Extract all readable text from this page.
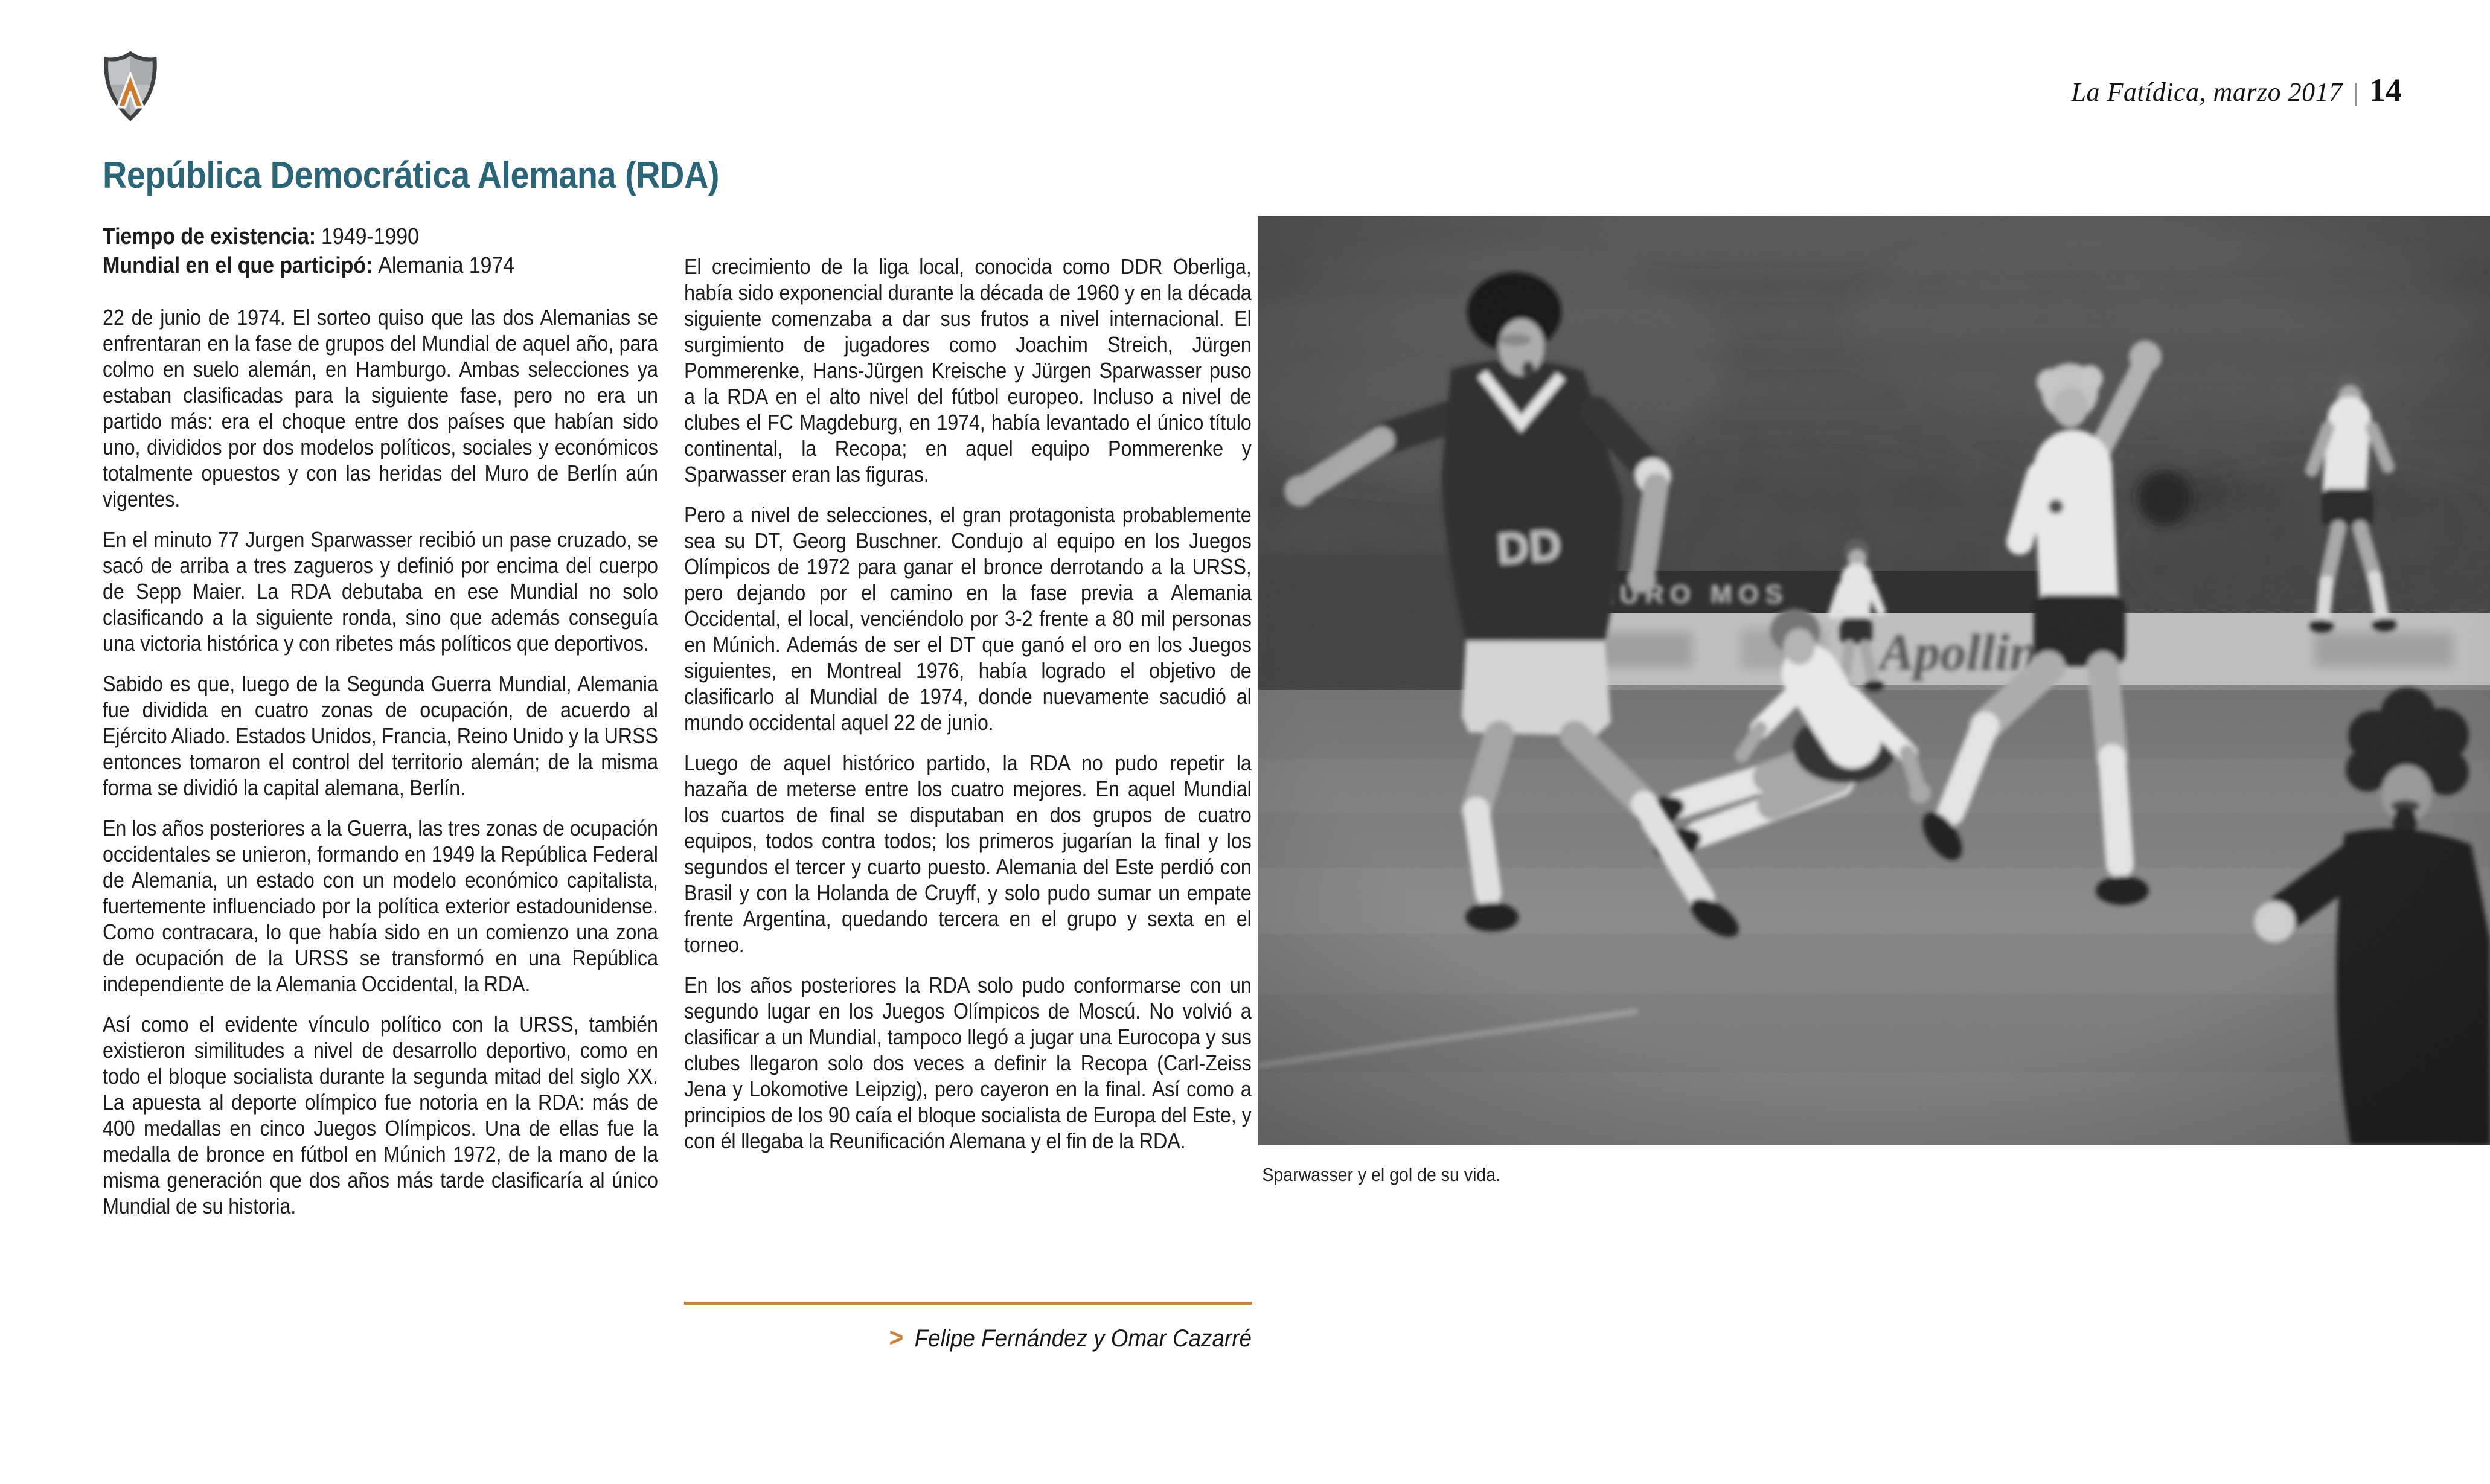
La Fatídica, marzo 2017 | 14
República Democrática Alemana (RDA)

Tiempo de existencia: 1949-1990

Mundial en el que participó: Alemania 1974

22 de junio de 1974. El sorteo quiso que las dos Alemanias se enfrentaran en la fase de grupos del Mundial de aquel año, para colmo en suelo alemán, en Hamburgo. Ambas selecciones ya estaban clasificadas para la siguiente fase, pero no era un partido más: era el choque entre dos países que habían sido uno, divididos por dos modelos políticos, sociales y económicos totalmente opuestos y con las heridas del Muro de Berlín aún vigentes.

En el minuto 77 Jurgen Sparwasser recibió un pase cruzado, se sacó de arriba a tres zagueros y definió por encima del cuerpo de Sepp Maier. La RDA debutaba en ese Mundial no solo clasificando a la siguiente ronda, sino que además conseguía una victoria histórica y con ribetes más políticos que deportivos.

Sabido es que, luego de la Segunda Guerra Mundial, Alemania fue dividida en cuatro zonas de ocupación, de acuerdo al Ejército Aliado. Estados Unidos, Francia, Reino Unido y la URSS entonces tomaron el control del territorio alemán; de la misma forma se dividió la capital alemana, Berlín.

En los años posteriores a la Guerra, las tres zonas de ocupación occidentales se unieron, formando en 1949 la República Federal de Alemania, un estado con un modelo económico capitalista, fuertemente influenciado por la política exterior estadounidense. Como contracara, lo que había sido en un comienzo una zona de ocupación de la URSS se transformó en una República independiente de la Alemania Occidental, la RDA.

Así como el evidente vínculo político con la URSS, también existieron similitudes a nivel de desarrollo deportivo, como en todo el bloque socialista durante la segunda mitad del siglo XX. La apuesta al deporte olímpico fue notoria en la RDA: más de 400 medallas en cinco Juegos Olímpicos. Una de ellas fue la medalla de bronce en fútbol en Múnich 1972, de la mano de la misma generación que dos años más tarde clasificaría al único Mundial de su historia.

El crecimiento de la liga local, conocida como DDR Oberliga, había sido exponencial durante la década de 1960 y en la década siguiente comenzaba a dar sus frutos a nivel internacional. El surgimiento de jugadores como Joachim Streich, Jürgen Pommerenke, Hans-Jürgen Kreische y Jürgen Sparwasser puso a la RDA en el alto nivel del fútbol europeo. Incluso a nivel de clubes el FC Magdeburg, en 1974, había levantado el único título continental, la Recopa; en aquel equipo Pommerenke y Sparwasser eran las figuras.

Pero a nivel de selecciones, el gran protagonista probablemente sea su DT, Georg Buschner. Condujo al equipo en los Juegos Olímpicos de 1972 para ganar el bronce derrotando a la URSS, pero dejando por el camino en la fase previa a Alemania Occidental, el local, venciéndolo por 3-2 frente a 80 mil personas en Múnich. Además de ser el DT que ganó el oro en los Juegos siguientes, en Montreal 1976, había logrado el objetivo de clasificarlo al Mundial de 1974, donde nuevamente sacudió al mundo occidental aquel 22 de junio.

Luego de aquel histórico partido, la RDA no pudo repetir la hazaña de meterse entre los cuatro mejores. En aquel Mundial los cuartos de final se disputaban en dos grupos de cuatro equipos, todos contra todos; los primeros jugarían la final y los segundos el tercer y cuarto puesto. Alemania del Este perdió con Brasil y con la Holanda de Cruyff, y solo pudo sumar un empate frente Argentina, quedando tercera en el grupo y sexta en el torneo.

En los años posteriores la RDA solo pudo conformarse con un segundo lugar en los Juegos Olímpicos de Moscú. No volvió a clasificar a un Mundial, tampoco llegó a jugar una Eurocopa y sus clubes llegaron solo dos veces a definir la Recopa (Carl-Zeiss Jena y Lokomotive Leipzig), pero cayeron en la final. Así como a principios de los 90 caía el bloque socialista de Europa del Este, y con él llegaba la Reunificación Alemana y el fin de la RDA.

> Felipe Fernández y Omar Cazarré
Sparwasser y el gol de su vida.
